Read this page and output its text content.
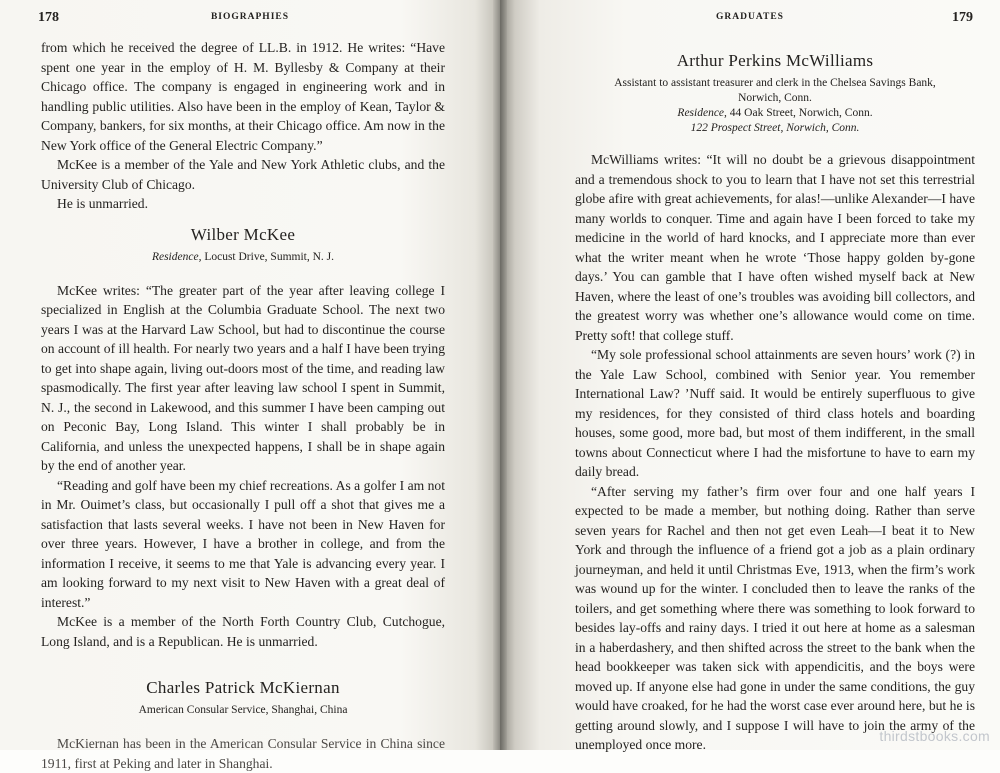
178	BIOGRAPHIES

from which he received the degree of LL.B. in 1912. He writes: “Have spent one year in the employ of H. M. Byllesby & Company at their Chicago office. The company is engaged in engineering work and in handling public utilities. Also have been in the employ of Kean, Taylor & Company, bankers, for six months, at their Chicago office. Am now in the New York office of the General Electric Company.”

McKee is a member of the Yale and New York Athletic clubs, and the University Club of Chicago.

He is unmarried.

Wilber McKee
Residence, Locust Drive, Summit, N. J.

McKee writes: “The greater part of the year after leaving college I specialized in English at the Columbia Graduate School. The next two years I was at the Harvard Law School, but had to discontinue the course on account of ill health. For nearly two years and a half I have been trying to get into shape again, living out-doors most of the time, and reading law spasmodically. The first year after leaving law school I spent in Summit, N. J., the second in Lakewood, and this summer I have been camping out on Peconic Bay, Long Island. This winter I shall probably be in California, and unless the unexpected happens, I shall be in shape again by the end of another year.

“Reading and golf have been my chief recreations. As a golfer I am not in Mr. Ouimet’s class, but occasionally I pull off a shot that gives me a satisfaction that lasts several weeks. I have not been in New Haven for over three years. However, I have a brother in college, and from the information I receive, it seems to me that Yale is advancing every year. I am looking forward to my next visit to New Haven with a great deal of interest.”

McKee is a member of the North Forth Country Club, Cutchogue, Long Island, and is a Republican. He is unmarried.

Charles Patrick McKiernan
American Consular Service, Shanghai, China

McKiernan has been in the American Consular Service in China since 1911, first at Peking and later in Shanghai.

GRADUATES	179
Arthur Perkins McWilliams
Assistant to assistant treasurer and clerk in the Chelsea Savings Bank,
Norwich, Conn.
Residence, 44 Oak Street, Norwich, Conn.
122 Prospect Street, Norwich, Conn.

McWilliams writes: “It will no doubt be a grievous disappointment and a tremendous shock to you to learn that I have not set this terrestrial globe afire with great achievements, for alas!—unlike Alexander—I have many worlds to conquer. Time and again have I been forced to take my medicine in the world of hard knocks, and I appreciate more than ever what the writer meant when he wrote ‘Those happy golden by-gone days.’ You can gamble that I have often wished myself back at New Haven, where the least of one’s troubles was avoiding bill collectors, and the greatest worry was whether one’s allowance would come on time. Pretty soft! that college stuff.

“My sole professional school attainments are seven hours’ work (?) in the Yale Law School, combined with Senior year. You remember International Law? ’Nuff said. It would be entirely superfluous to give my residences, for they consisted of third class hotels and boarding houses, some good, more bad, but most of them indifferent, in the small towns about Connecticut where I had the misfortune to have to earn my daily bread.

“After serving my father’s firm over four and one half years I expected to be made a member, but nothing doing. Rather than serve seven years for Rachel and then not get even Leah—I beat it to New York and through the influence of a friend got a job as a plain ordinary journeyman, and held it until Christmas Eve, 1913, when the firm’s work was wound up for the winter. I concluded then to leave the ranks of the toilers, and get something where there was something to look forward to besides lay-offs and rainy days. I tried it out here at home as a salesman in a haberdashery, and then shifted across the street to the bank when the head bookkeeper was taken sick with appendicitis, and the boys were moved up. If anyone else had gone in under the same conditions, the guy would have croaked, for he had the worst case ever around here, but he is getting around slowly, and I suppose I will have to join the army of the unemployed once more.

thirdstbooks.com
